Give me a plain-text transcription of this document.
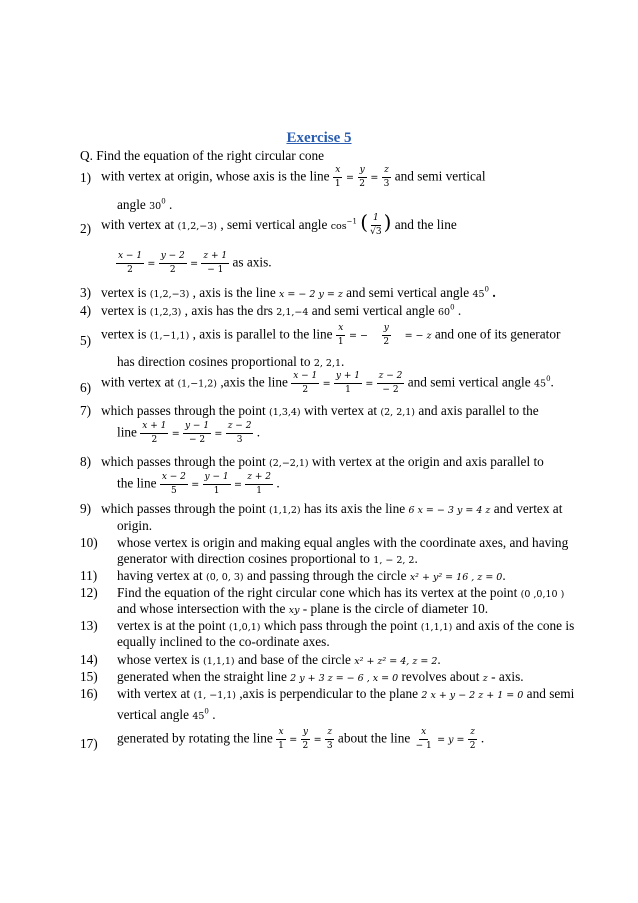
Exercise 5
Q. Find the equation of the right circular cone
1) with vertex at origin, whose axis is the line $\frac{x}{1} = \frac{y}{2} = \frac{z}{3}$ and semi vertical
angle $30^0$ .
2) with vertex at (1,2,−3) , semi vertical angle $\cos^{-1}$ ( $\frac{1}{√3}$ ) and the line
$\frac{x - 1}{2} = \frac{y - 2}{2} = \frac{z + 1}{- 1}$ as axis.
3) vertex is (1,2,−3) , axis is the line x = − 2 y = z and semi vertical angle $45^0$ .
4) vertex is (1,2,3) , axis has the drs 2,1,−4 and semi vertical angle $60^0$ .
5) vertex is (1,−1,1) , axis is parallel to the line $\frac{x}{1}$ = − $\frac{y}{2}$ = − z and one of its generator
has direction cosines proportional to 2, 2,1.
6) with vertex at (1,−1,2) ,axis the line $\frac{x - 1}{2} = \frac{y + 1}{1} = \frac{z - 2}{- 2}$ and semi vertical angle $45^0$.
7) which passes through the point (1,3,4) with vertex at (2, 2,1) and axis parallel to the
line $\frac{x + 1}{2} = \frac{y - 1}{- 2} = \frac{z - 2}{3}$ .
8) which passes through the point (2,−2,1) with vertex at the origin and axis parallel to
the line $\frac{x - 2}{5} = \frac{y - 1}{1} = \frac{z + 2}{1}$ .
9) which passes through the point (1,1,2) has its axis the line 6 x = − 3 y = 4 z and vertex at
origin.
10) whose vertex is origin and making equal angles with the coordinate axes, and having
generator with direction cosines proportional to 1, − 2, 2.
11) having vertex at (0, 0, 3) and passing through the circle x² + y² = 16 , z = 0.
12) Find the equation of the right circular cone which has its vertex at the point (0 ,0,10 )
and whose intersection with the xy - plane is the circle of diameter 10.
13) vertex is at the point (1,0,1) which pass through the point (1,1,1) and axis of the cone is
equally inclined to the co-ordinate axes.
14) whose vertex is (1,1,1) and base of the circle x² + z² = 4, z = 2.
15) generated when the straight line 2 y + 3 z = − 6 , x = 0 revolves about z - axis.
16) with vertex at (1, −1,1) ,axis is perpendicular to the plane 2 x + y − 2 z + 1 = 0 and semi
vertical angle $45^0$ .
17) generated by rotating the line $\frac{x}{1} = \frac{y}{2} = \frac{z}{3}$ about the line $\frac{x}{- 1} = y = \frac{z}{2}$ .
